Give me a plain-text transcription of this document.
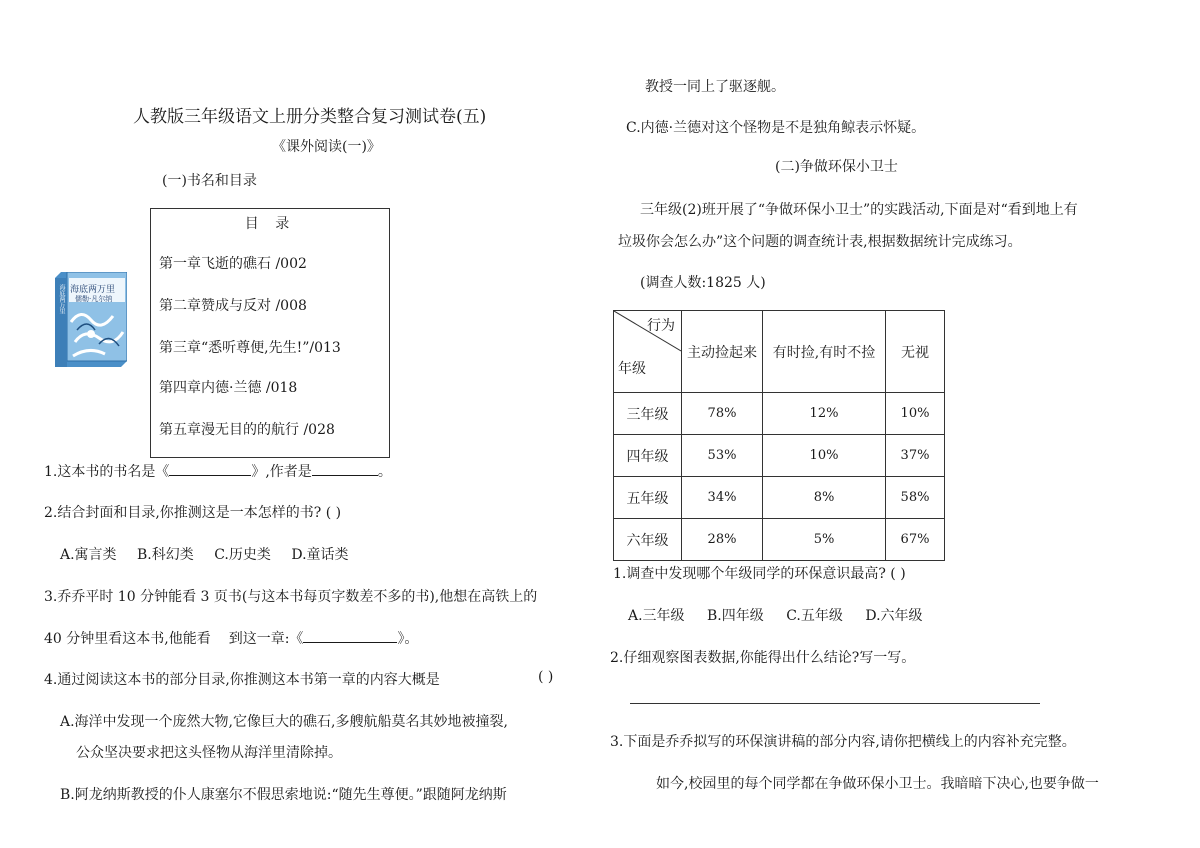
人教版三年级语文上册分类整合复习测试卷(五)
《课外阅读(一)》
(一)书名和目录
海底两万里
儒勒·凡尔纳
海底两万里
目 录
第一章飞逝的礁石 /002
第二章赞成与反对 /008
第三章“悉听尊便,先生!”/013
第四章内德·兰德 /018
第五章漫无目的的航行 /028
1.这本书的书名是《	》,作者是	。
2.结合封面和目录,你推测这是一本怎样的书? ( )
A.寓言类 B.科幻类 C.历史类 D.童话类
3.乔乔平时 10 分钟能看 3 页书(与这本书每页字数差不多的书),他想在高铁上的
40 分钟里看这本书,他能看 到这一章:《	》。
4.通过阅读这本书的部分目录,你推测这本书第一章的内容大概是	( )
A.海洋中发现一个庞然大物,它像巨大的礁石,多艘航船莫名其妙地被撞裂,
公众坚决要求把这头怪物从海洋里清除掉。
B.阿龙纳斯教授的仆人康塞尔不假思索地说:“随先生尊便。”跟随阿龙纳斯
教授一同上了驱逐舰。
C.内德·兰德对这个怪物是不是独角鲸表示怀疑。
(二)争做环保小卫士
三年级(2)班开展了“争做环保小卫士”的实践活动,下面是对“看到地上有
垃圾你会怎么办”这个问题的调查统计表,根据数据统计完成练习。
(调查人数:1825 人)
行为
年级	主动捡起来	有时捡,有时不捡	无视
三年级	78%	12%	10%
四年级	53%	10%	37%
五年级	34%	8%	58%
六年级	28%	5%	67%
1.调查中发现哪个年级同学的环保意识最高? ( )
A.三年级 B.四年级 C.五年级 D.六年级
2.仔细观察图表数据,你能得出什么结论?写一写。
3.下面是乔乔拟写的环保演讲稿的部分内容,请你把横线上的内容补充完整。
如今,校园里的每个同学都在争做环保小卫士。我暗暗下决心,也要争做一
